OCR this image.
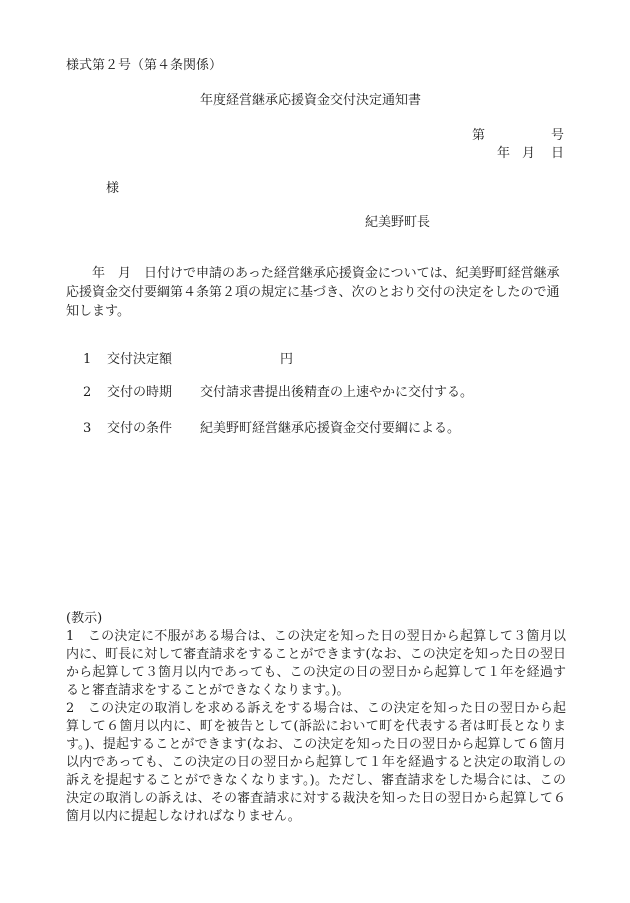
様式第２号（第４条関係）
年度経営継承応援資金交付決定通知書
第	号
年 月 日
様
紀美野町長
年　月　日付けで申請のあった経営継承応援資金については、紀美野町経営継承応援資金交付要綱第４条第２項の規定に基づき、次のとおり交付の決定をしたので通知します。
1 交付決定額	円
2 交付の時期 交付請求書提出後精査の上速やかに交付する。
3 交付の条件 紀美野町経営継承応援資金交付要綱による。
(教示)
1　この決定に不服がある場合は、この決定を知った日の翌日から起算して３箇月以内に、町長に対して審査請求をすることができます(なお、この決定を知った日の翌日から起算して３箇月以内であっても、この決定の日の翌日から起算して１年を経過すると審査請求をすることができなくなります。)。
2　この決定の取消しを求める訴えをする場合は、この決定を知った日の翌日から起算して６箇月以内に、町を被告として(訴訟において町を代表する者は町長となります。)、提起することができます(なお、この決定を知った日の翌日から起算して６箇月以内であっても、この決定の日の翌日から起算して１年を経過すると決定の取消しの訴えを提起することができなくなります。)。ただし、審査請求をした場合には、この決定の取消しの訴えは、その審査請求に対する裁決を知った日の翌日から起算して６箇月以内に提起しなければなりません。
